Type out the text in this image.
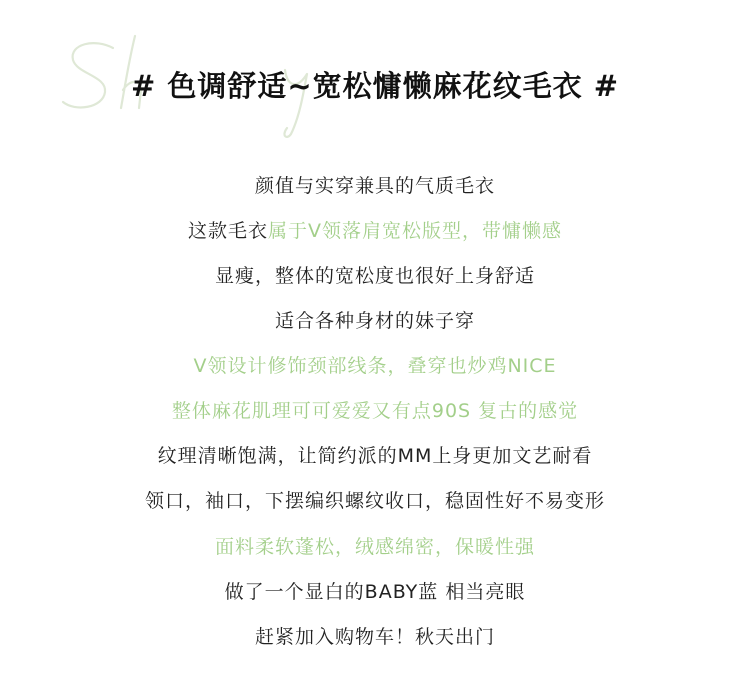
# 色调舒适~宽松慵懒麻花纹毛衣 #
颜值与实穿兼具的气质毛衣
这款毛衣属于V领落肩宽松版型，带慵懒感
显瘦，整体的宽松度也很好上身舒适
适合各种身材的妹子穿
V领设计修饰颈部线条，叠穿也炒鸡NICE
整体麻花肌理可可爱爱又有点90S 复古的感觉
纹理清晰饱满，让简约派的MM上身更加文艺耐看
领口，袖口，下摆编织螺纹收口，稳固性好不易变形
面料柔软蓬松，绒感绵密，保暖性强
做了一个显白的BABY蓝 相当亮眼
赶紧加入购物车！秋天出门
